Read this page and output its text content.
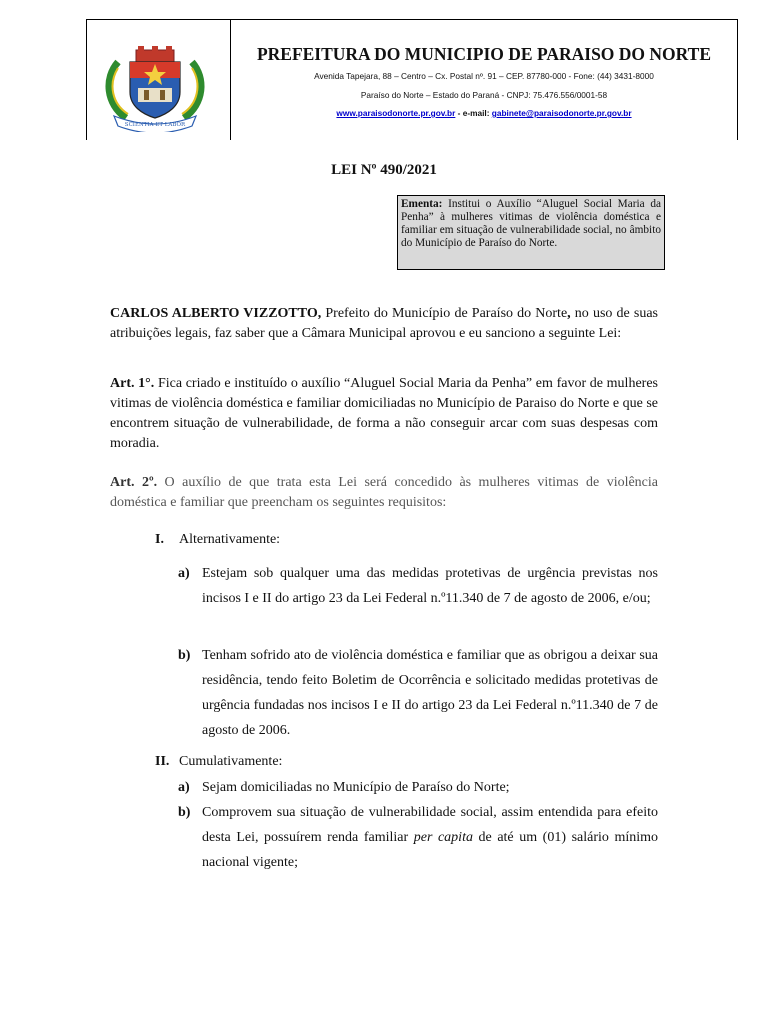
SCIENTIA ET LABOR
PREFEITURA DO MUNICIPIO DE PARAISO DO NORTE
Avenida Tapejara, 88 – Centro – Cx. Postal nº. 91 – CEP. 87780-000 - Fone: (44) 3431-8000
Paraíso do Norte – Estado do Paraná - CNPJ: 75.476.556/0001-58
www.paraisodonorte.pr.gov.br - e-mail: gabinete@paraisodonorte.pr.gov.br
LEI Nº 490/2021
Ementa: Institui o Auxílio “Aluguel Social Maria da Penha” à mulheres vitimas de violência doméstica e familiar em situação de vulnerabilidade social, no âmbito do Município de Paraíso do Norte.
CARLOS ALBERTO VIZZOTTO, Prefeito do Município de Paraíso do Norte, no uso de suas atribuições legais, faz saber que a Câmara Municipal aprovou e eu sanciono a seguinte Lei:
Art. 1°. Fica criado e instituído o auxílio “Aluguel Social Maria da Penha” em favor de mulheres vitimas de violência doméstica e familiar domiciliadas no Município de Paraiso do Norte e que se encontrem situação de vulnerabilidade, de forma a não conseguir arcar com suas despesas com moradia.
Art. 2º. O auxílio de que trata esta Lei será concedido às mulheres vitimas de violência doméstica e familiar que preencham os seguintes requisitos:
I. Alternativamente:
a) Estejam sob qualquer uma das medidas protetivas de urgência previstas nos incisos I e II do artigo 23 da Lei Federal n.º11.340 de 7 de agosto de 2006, e/ou;
b) Tenham sofrido ato de violência doméstica e familiar que as obrigou a deixar sua residência, tendo feito Boletim de Ocorrência e solicitado medidas protetivas de urgência fundadas nos incisos I e II do artigo 23 da Lei Federal n.º11.340 de 7 de agosto de 2006.
II. Cumulativamente:
a) Sejam domiciliadas no Município de Paraíso do Norte;
b) Comprovem sua situação de vulnerabilidade social, assim entendida para efeito desta Lei, possuírem renda familiar per capita de até um (01) salário mínimo nacional vigente;
